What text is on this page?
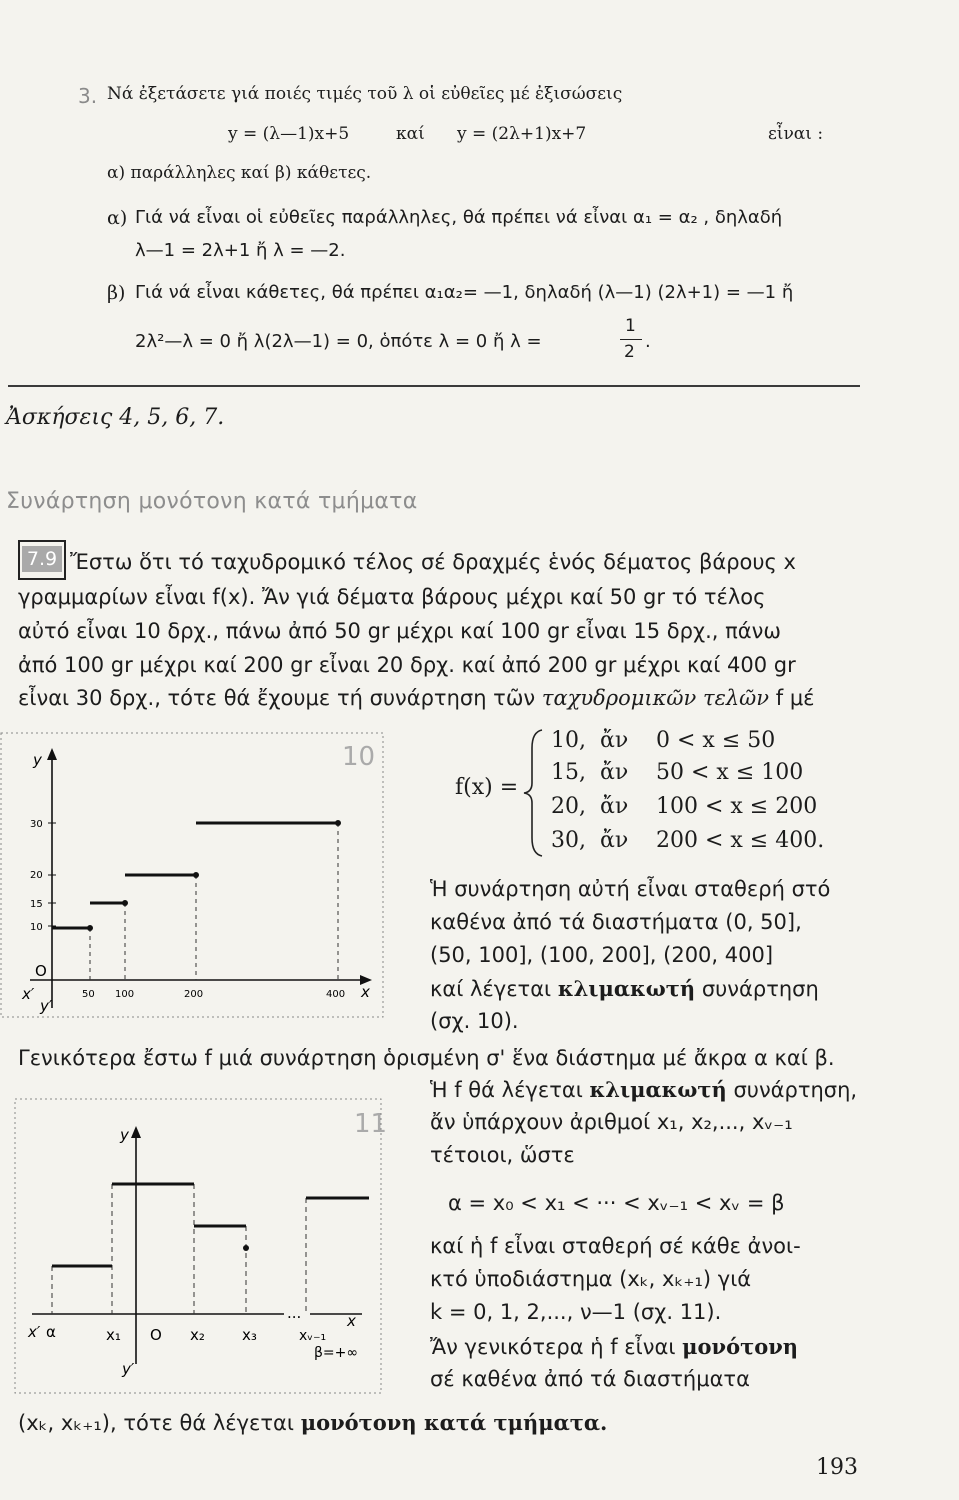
3. Νά ἐξετάσετε γιά ποιές τιμές τοῦ λ οἱ εὐθεῖες μέ ἐξισώσεις
y = (λ—1)x+5	καί y = (2λ+1)x+7	εἶναι :
α) παράλληλες καί β) κάθετες.
α) Γιά νά εἶναι οἱ εὐθεῖες παράλληλες, θά πρέπει νά εἶναι α₁ = α₂ , δηλαδή
λ—1 = 2λ+1 ἤ λ = —2.
β) Γιά νά εἶναι κάθετες, θά πρέπει α₁α₂= —1, δηλαδή (λ—1) (2λ+1) = —1 ἤ
2λ²—λ = 0 ἤ λ(2λ—1) = 0, ὁπότε λ = 0 ἤ λ =
1
2 .
Ἀσκήσεις 4, 5, 6, 7.
Συνάρτηση μονότονη κατά τμήματα
7.9 Ἔστω ὅτι τό ταχυδρομικό τέλος σέ δραχμές ἑνός δέματος βάρους x
γραμμαρίων εἶναι f(x). Ἄν γιά δέματα βάρους μέχρι καί 50 gr τό τέλος
αὐτό εἶναι 10 δρχ., πάνω ἀπό 50 gr μέχρι καί 100 gr εἶναι 15 δρχ., πάνω
ἀπό 100 gr μέχρι καί 200 gr εἶναι 20 δρχ. καί ἀπό 200 gr μέχρι καί 400 gr
εἶναι 30 δρχ., τότε θά ἔχουμε τή συνάρτηση τῶν ταχυδρομικῶν τελῶν f μέ
f(x) =
10, ἄν 0 < x ≤ 50
15, ἄν 50 < x ≤ 100
20, ἄν 100 < x ≤ 200
30, ἄν 200 < x ≤ 400.
10
y
x
x′
y′
O
30
20
15
10
50 100	200	400
Ἡ συνάρτηση αὐτή εἶναι σταθερή στό
καθένα ἀπό τά διαστήματα (0, 50],
(50, 100], (100, 200], (200, 400]
καί λέγεται κλιμακωτή συνάρτηση
(σχ. 10).
Γενικότερα ἔστω f μιά συνάρτηση ὁρισμένη σ' ἕνα διάστημα μέ ἄκρα α καί β.
11
y
y′
...
x′ α	x₁ O x₂ x₃	xᵥ₋₁
x
β=+∞
Ἡ f θά λέγεται κλιμακωτή συνάρτηση,
ἄν ὑπάρχουν ἀριθμοί x₁, x₂,..., xᵥ₋₁
τέτοιοι, ὥστε
α = x₀ < x₁ < ··· < xᵥ₋₁ < xᵥ = β
καί ἡ f εἶναι σταθερή σέ κάθε ἀνοι-
κτό ὑποδιάστημα (xₖ, xₖ₊₁) γιά
k = 0, 1, 2,..., ν—1 (σχ. 11).
Ἄν γενικότερα ἡ f εἶναι μονότονη
σέ καθένα ἀπό τά διαστήματα
(xₖ, xₖ₊₁), τότε θά λέγεται μονότονη κατά τμήματα.
193
